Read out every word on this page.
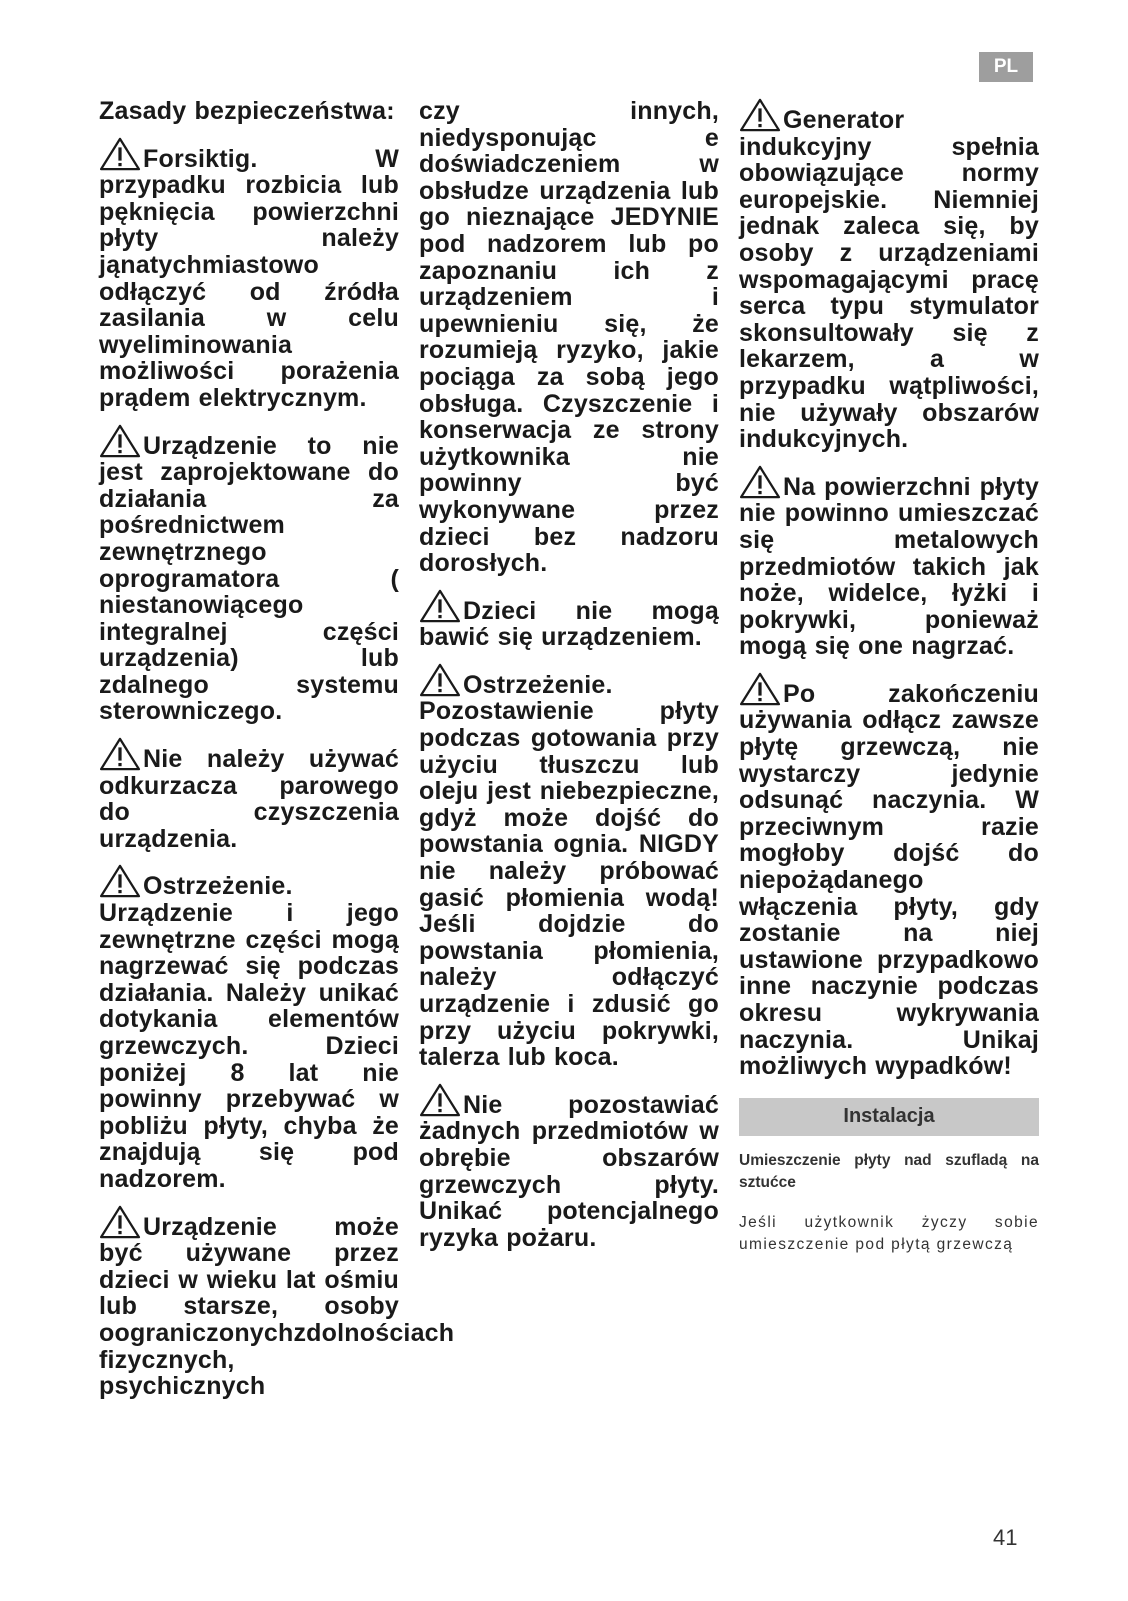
PL

Zasady bezpieczeństwa:

Forsiktig. W przypadku rozbicia lub pęknięcia powierzchni płyty należy jąnatychmiastowo odłączyć od źródła zasilania w celu wyeliminowania możliwości porażenia prądem elektrycznym.

Urządzenie to nie jest zaprojektowane do działania za pośrednictwem zewnętrznego oprogramatora ( niestanowiącego integralnej części urządzenia) lub zdalnego systemu sterowniczego.

Nie należy używać odkurzacza parowego do czyszczenia urządzenia.

Ostrzeżenie. Urządzenie i jego zewnętrzne części mogą nagrzewać się podczas działania. Należy unikać dotykania elementów grzewczych. Dzieci poniżej 8 lat nie powinny przebywać w pobliżu płyty, chyba że znajdują się pod nadzorem.

Urządzenie może być używane przez dzieci w wieku lat ośmiu lub starsze, osoby oograniczonychzdolnościach fizycznych, psychicznych

czy innych, niedysponując e doświadczeniem w obsłudze urządzenia lub go nieznające JEDYNIE pod nadzorem lub po zapoznaniu ich z urządzeniem i upewnieniu się, że rozumieją ryzyko, jakie pociąga za sobą jego obsługa. Czyszczenie i konserwacja ze strony użytkownika nie powinny być wykonywane przez dzieci bez nadzoru dorosłych.

Dzieci nie mogą bawić się urządzeniem.

Ostrzeżenie. Pozostawienie płyty podczas gotowania przy użyciu tłuszczu lub oleju jest niebezpieczne, gdyż może dojść do powstania ognia. NIGDY nie należy próbować gasić płomienia wodą! Jeśli dojdzie do powstania płomienia, należy odłączyć urządzenie i zdusić go przy użyciu pokrywki, talerza lub koca.

Nie pozostawiać żadnych przedmiotów w obrębie obszarów grzewczych płyty. Unikać potencjalnego ryzyka pożaru.

Generator indukcyjny spełnia obowiązujące normy europejskie. Niemniej jednak zaleca się, by osoby z urządzeniami wspomagającymi pracę serca typu stymulator skonsultowały się z lekarzem, a w przypadku wątpliwości, nie używały obszarów indukcyjnych.

Na powierzchni płyty nie powinno umieszczać się metalowych przedmiotów takich jak noże, widelce, łyżki i pokrywki, ponieważ mogą się one nagrzać.

Po zakończeniu używania odłącz zawsze płytę grzewczą, nie wystarczy jedynie odsunąć naczynia. W przeciwnym razie mogłoby dojść do niepożądanego włączenia płyty, gdy zostanie na niej ustawione przypadkowo inne naczynie podczas okresu wykrywania naczynia. Unikaj możliwych wypadków!

Instalacja

Umieszczenie płyty nad szufladą na sztućce

Jeśli użytkownik życzy sobie umieszczenie pod płytą grzewczą

41
